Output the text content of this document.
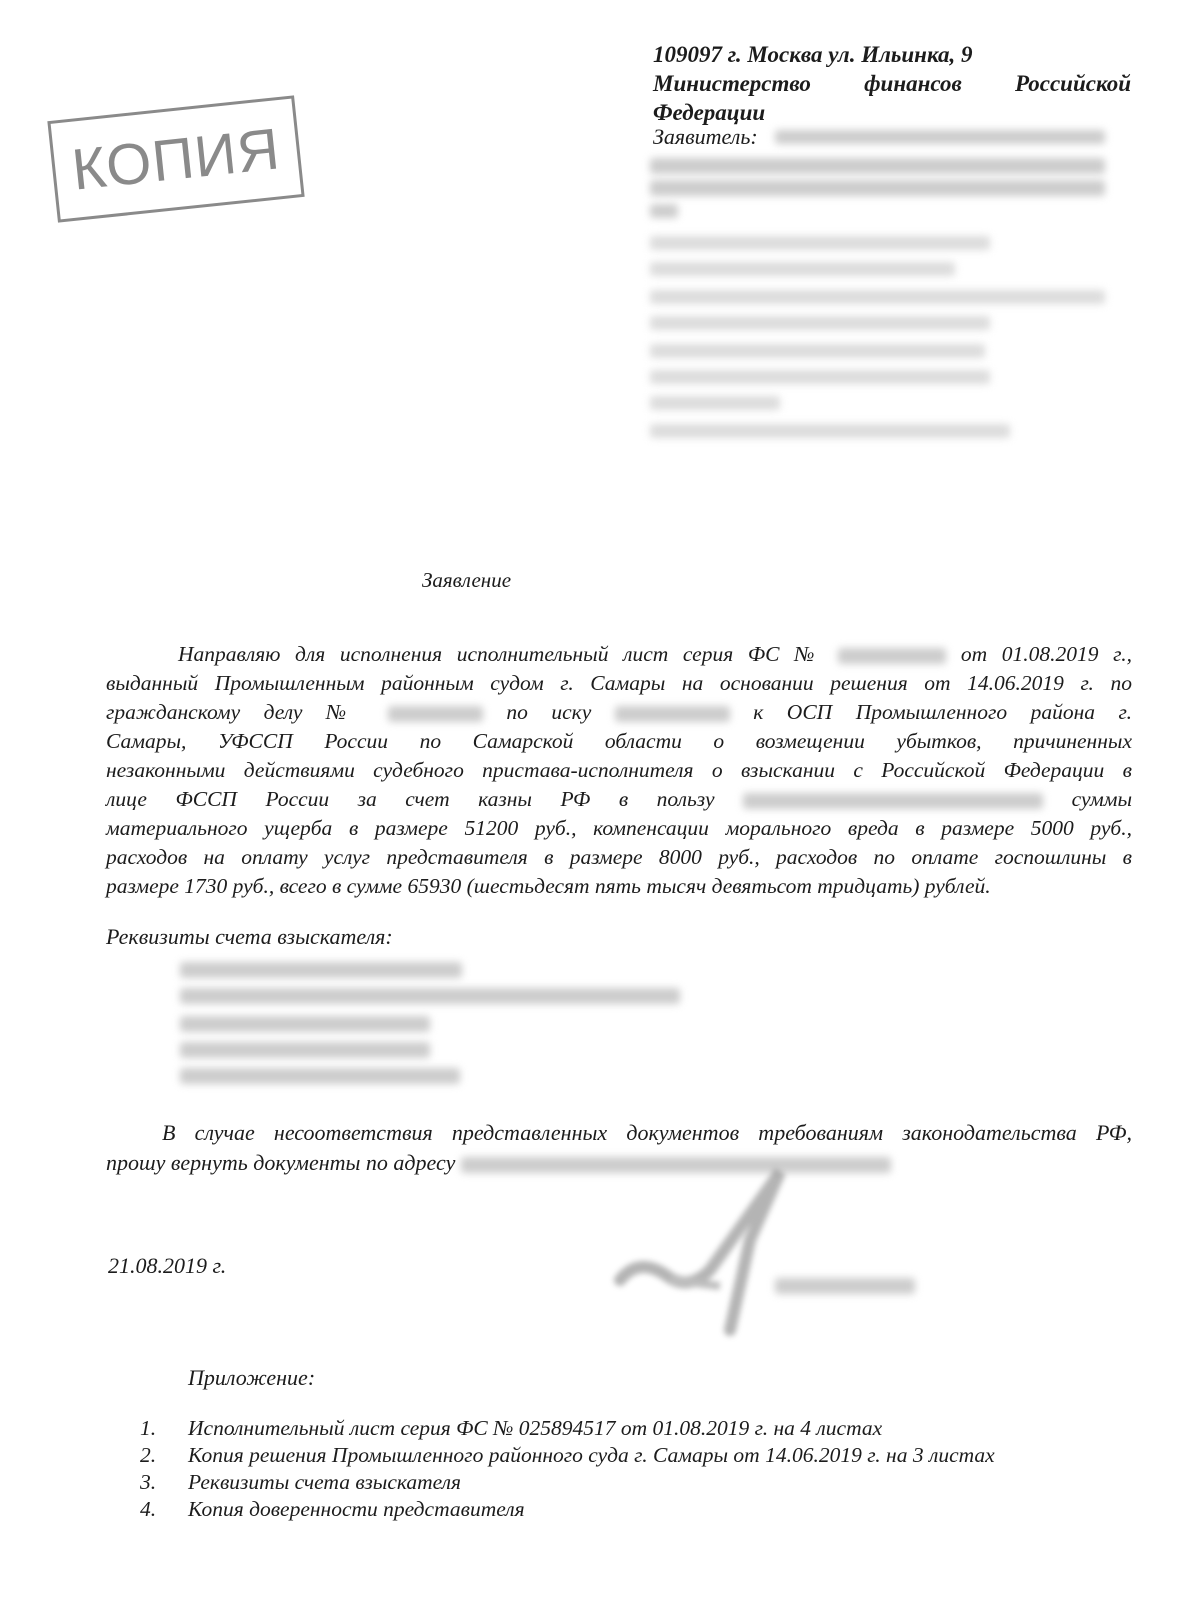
КОПИЯ
109097 г. Москва ул. Ильинка, 9
Министерство финансов Российской
Федерации
Заявитель:
Заявление
Направляю для исполнения исполнительный лист серия ФС №	от 01.08.2019 г.,
выданный Промышленным районным судом г. Самары на основании решения от 14.06.2019 г. по
гражданскому делу №	по иску	к ОСП Промышленного района г.
Самары, УФССП России по Самарской области о возмещении убытков, причиненных
незаконными действиями судебного пристава-исполнителя о взыскании с Российской Федерации в
лице ФССП России за счет казны РФ в пользу	суммы
материального ущерба в размере 51200 руб., компенсации морального вреда в размере 5000 руб.,
расходов на оплату услуг представителя в размере 8000 руб., расходов по оплате госпошлины в
размере 1730 руб., всего в сумме 65930 (шестьдесят пять тысяч девятьсот тридцать) рублей.
Реквизиты счета взыскателя:
В случае несоответствия представленных документов требованиям законодательства РФ,
прошу вернуть документы по адресу
21.08.2019 г.
Приложение:
1.	Исполнительный лист серия ФС № 025894517 от 01.08.2019 г. на 4 листах
2.	Копия решения Промышленного районного суда г. Самары от 14.06.2019 г. на 3 листах
3.	Реквизиты счета взыскателя
4.	Копия доверенности представителя
